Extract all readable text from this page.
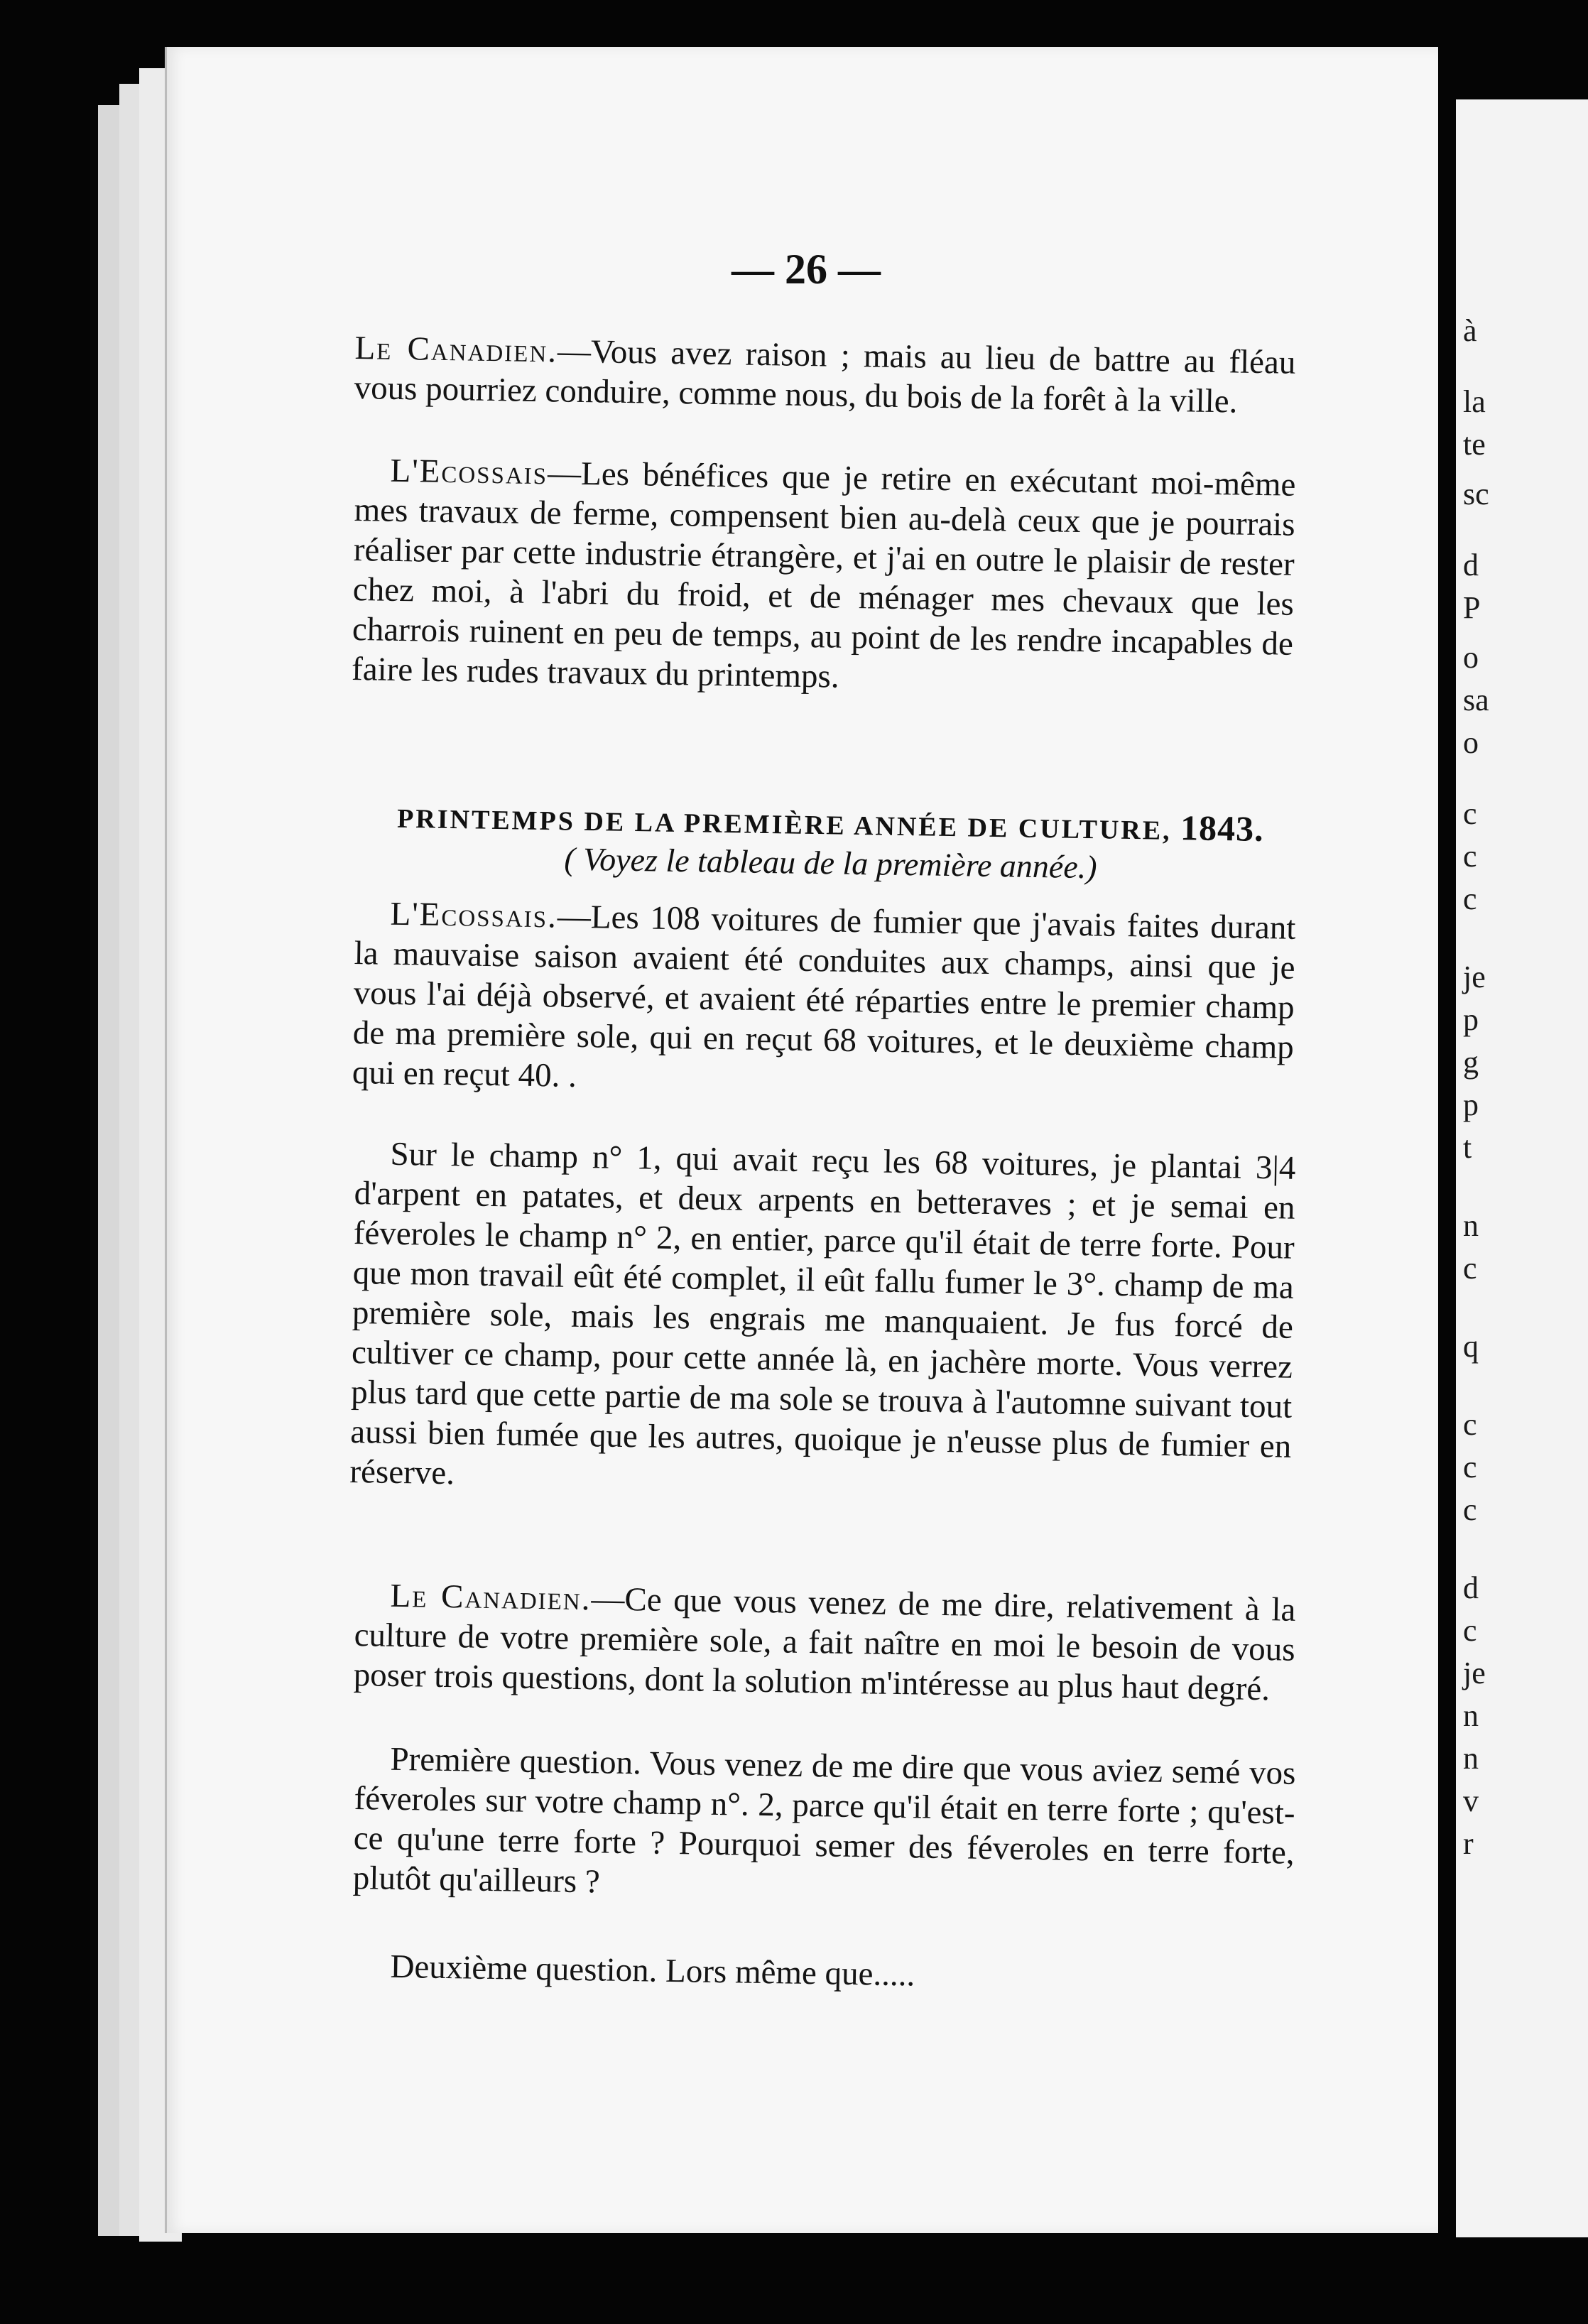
à
la
te
sc
d
P
o
sa
o
c
c
c
je
p
g
p
t
n
c
q
c
c
c
d
c
je
n
n
v
r
— 26 —

Le Canadien.—Vous avez raison ; mais au lieu de battre au fléau vous pourriez conduire, comme nous, du bois de la forêt à la ville.

L'Ecossais—Les bénéfices que je retire en exécutant moi-même mes travaux de ferme, compensent bien au-delà ceux que je pourrais réaliser par cette industrie étrangère, et j'ai en outre le plaisir de rester chez moi, à l'abri du froid, et de ménager mes chevaux que les charrois ruinent en peu de temps, au point de les rendre incapables de faire les rudes travaux du printemps.

PRINTEMPS DE LA PREMIÈRE ANNÉE DE CULTURE, 1843.

( Voyez le tableau de la première année.)

L'Ecossais.—Les 108 voitures de fumier que j'avais faites durant la mauvaise saison avaient été conduites aux champs, ainsi que je vous l'ai déjà observé, et avaient été réparties entre le premier champ de ma première sole, qui en reçut 68 voitures, et le deuxième champ qui en reçut 40. .

Sur le champ n° 1, qui avait reçu les 68 voitures, je plantai 3|4 d'arpent en patates, et deux arpents en betteraves ; et je semai en féveroles le champ n° 2, en entier, parce qu'il était de terre forte. Pour que mon travail eût été complet, il eût fallu fumer le 3°. champ de ma première sole, mais les engrais me manquaient. Je fus forcé de cultiver ce champ, pour cette année là, en jachère morte. Vous verrez plus tard que cette partie de ma sole se trouva à l'automne suivant tout aussi bien fumée que les autres, quoique je n'eusse plus de fumier en réserve.

Le Canadien.—Ce que vous venez de me dire, relativement à la culture de votre première sole, a fait naître en moi le besoin de vous poser trois questions, dont la solution m'intéresse au plus haut degré.

Première question. Vous venez de me dire que vous aviez semé vos féveroles sur votre champ n°. 2, parce qu'il était en terre forte ; qu'est-ce qu'une terre forte ? Pourquoi semer des féveroles en terre forte, plutôt qu'ailleurs ?

Deuxième question. Lors même que.....
